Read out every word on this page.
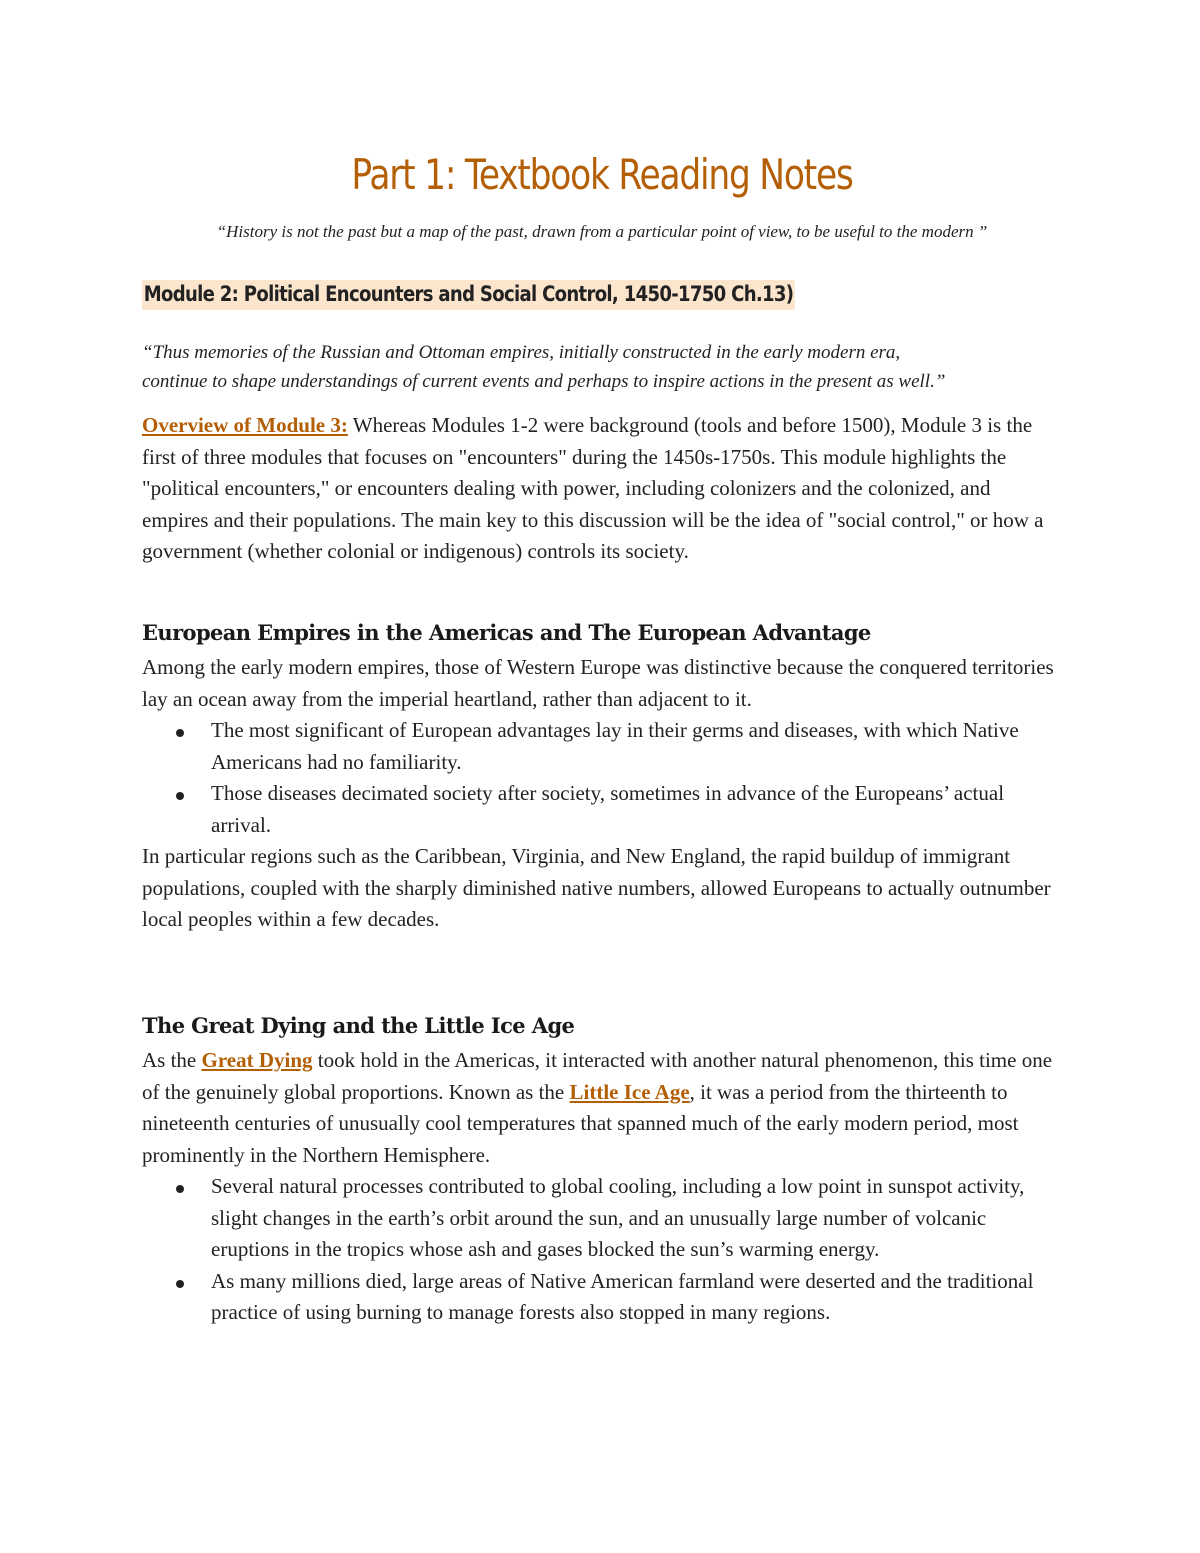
Part 1: Textbook Reading Notes

“History is not the past but a map of the past, drawn from a particular point of view, to be useful to the modern ”

Module 2: Political Encounters and Social Control, 1450-1750 Ch.13)

“Thus memories of the Russian and Ottoman empires, initially constructed in the early modern era,
continue to shape understandings of current events and perhaps to inspire actions in the present as well.”

Overview of Module 3: Whereas Modules 1-2 were background (tools and before 1500), Module 3 is the first of three modules that focuses on "encounters" during the 1450s-1750s. This module highlights the "political encounters," or encounters dealing with power, including colonizers and the colonized, and empires and their populations. The main key to this discussion will be the idea of "social control," or how a government (whether colonial or indigenous) controls its society.

European Empires in the Americas and The European Advantage

Among the early modern empires, those of Western Europe was distinctive because the conquered territories lay an ocean away from the imperial heartland, rather than adjacent to it.

The most significant of European advantages lay in their germs and diseases, with which Native Americans had no familiarity.
Those diseases decimated society after society, sometimes in advance of the Europeans’ actual arrival.

In particular regions such as the Caribbean, Virginia, and New England, the rapid buildup of immigrant populations, coupled with the sharply diminished native numbers, allowed Europeans to actually outnumber local peoples within a few decades.

The Great Dying and the Little Ice Age

As the Great Dying took hold in the Americas, it interacted with another natural phenomenon, this time one of the genuinely global proportions. Known as the Little Ice Age, it was a period from the thirteenth to nineteenth centuries of unusually cool temperatures that spanned much of the early modern period, most prominently in the Northern Hemisphere.

Several natural processes contributed to global cooling, including a low point in sunspot activity, slight changes in the earth’s orbit around the sun, and an unusually large number of volcanic eruptions in the tropics whose ash and gases blocked the sun’s warming energy.
As many millions died, large areas of Native American farmland were deserted and the traditional practice of using burning to manage forests also stopped in many regions.
